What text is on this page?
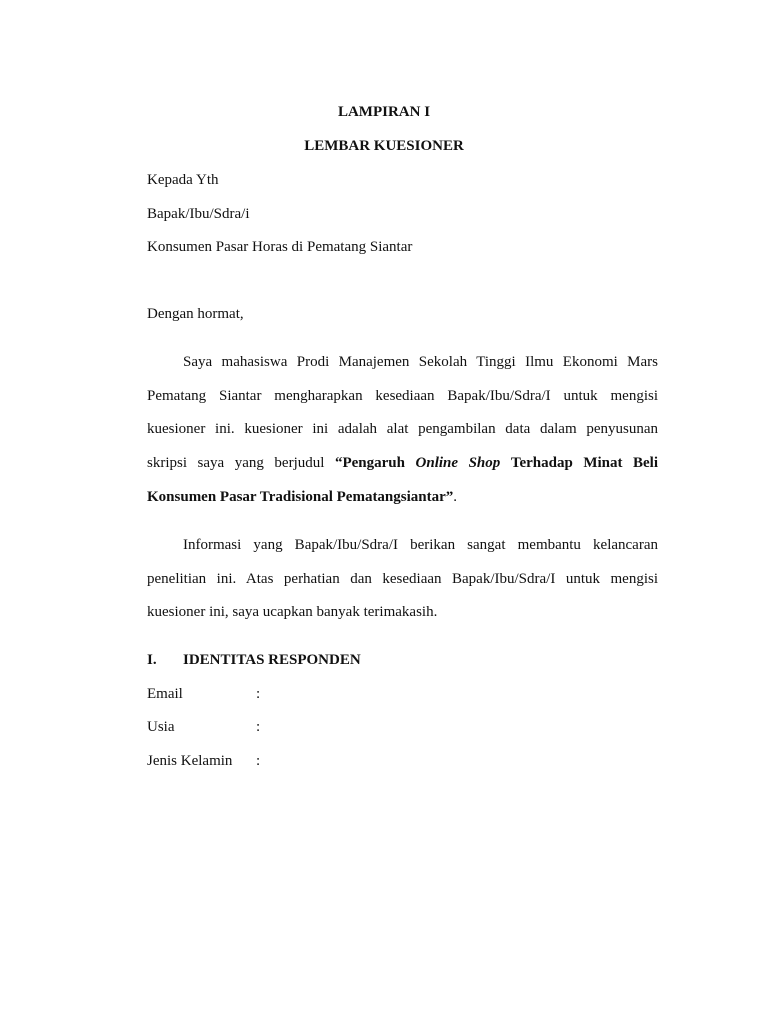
LAMPIRAN I
LEMBAR KUESIONER
Kepada Yth
Bapak/Ibu/Sdra/i
Konsumen Pasar Horas di Pematang Siantar
Dengan hormat,
Saya mahasiswa Prodi Manajemen Sekolah Tinggi Ilmu Ekonomi Mars
Pematang Siantar mengharapkan kesediaan Bapak/Ibu/Sdra/I untuk mengisi
kuesioner ini. kuesioner ini adalah alat pengambilan data dalam penyusunan
skripsi saya yang berjudul “Pengaruh Online Shop Terhadap Minat Beli
Konsumen Pasar Tradisional Pematangsiantar”.
Informasi yang Bapak/Ibu/Sdra/I berikan sangat membantu kelancaran
penelitian ini. Atas perhatian dan kesediaan Bapak/Ibu/Sdra/I untuk mengisi
kuesioner ini, saya ucapkan banyak terimakasih.
I. IDENTITAS RESPONDEN
Email	:
Usia	:
Jenis Kelamin :
